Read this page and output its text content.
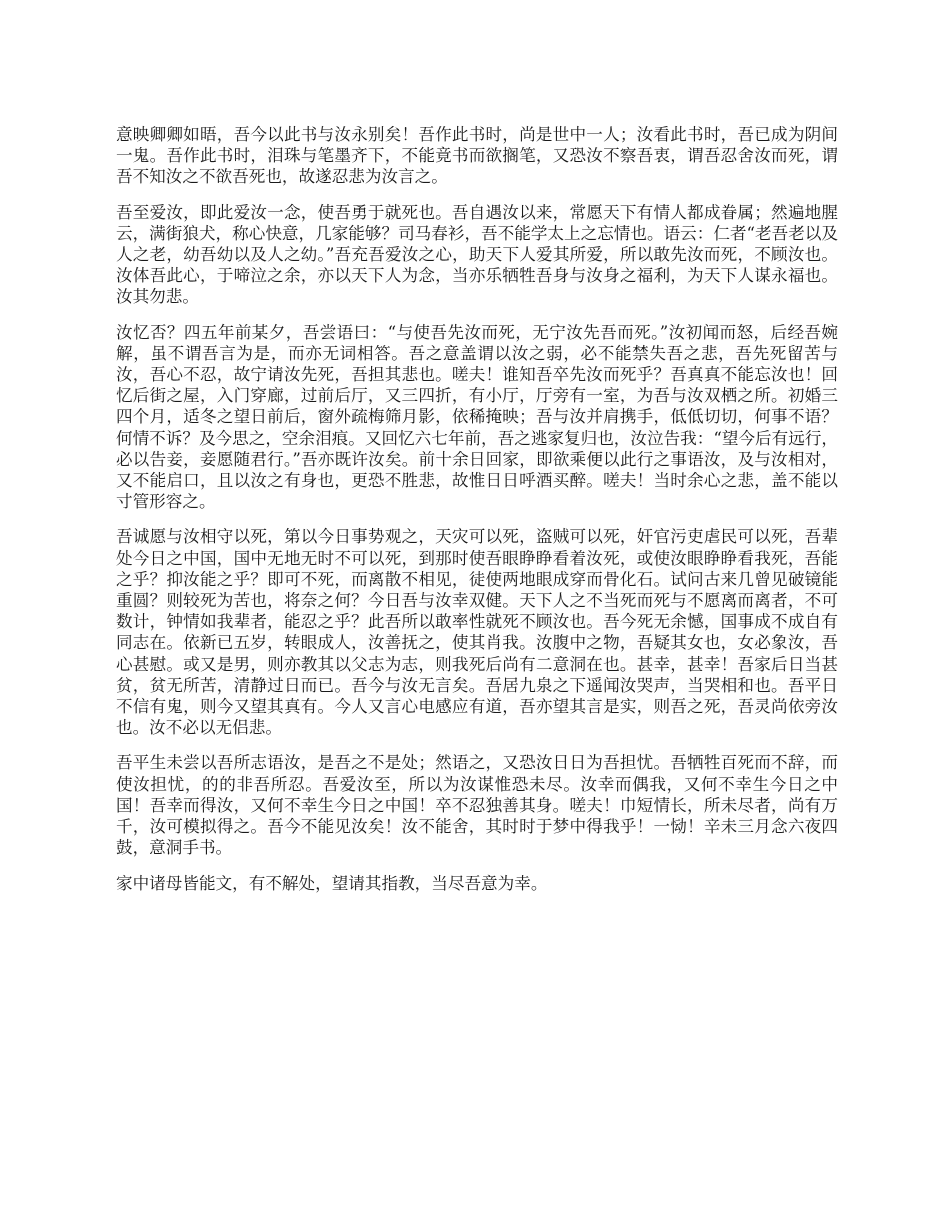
意映卿卿如晤，吾今以此书与汝永别矣！吾作此书时，尚是世中一人；汝看此书时，吾已成为阴间一鬼。吾作此书时，泪珠与笔墨齐下，不能竟书而欲搁笔，又恐汝不察吾衷，谓吾忍舍汝而死，谓吾不知汝之不欲吾死也，故遂忍悲为汝言之。

吾至爱汝，即此爱汝一念，使吾勇于就死也。吾自遇汝以来，常愿天下有情人都成眷属；然遍地腥云，满街狼犬，称心快意，几家能够？司马春衫，吾不能学太上之忘情也。语云：仁者“老吾老以及人之老，幼吾幼以及人之幼。”吾充吾爱汝之心，助天下人爱其所爱，所以敢先汝而死，不顾汝也。汝体吾此心，于啼泣之余，亦以天下人为念，当亦乐牺牲吾身与汝身之福利，为天下人谋永福也。汝其勿悲。

汝忆否？四五年前某夕，吾尝语曰：“与使吾先汝而死，无宁汝先吾而死。”汝初闻而怒，后经吾婉解，虽不谓吾言为是，而亦无词相答。吾之意盖谓以汝之弱，必不能禁失吾之悲，吾先死留苦与汝，吾心不忍，故宁请汝先死，吾担其悲也。嗟夫！谁知吾卒先汝而死乎？吾真真不能忘汝也！回忆后街之屋，入门穿廊，过前后厅，又三四折，有小厅，厅旁有一室，为吾与汝双栖之所。初婚三四个月，适冬之望日前后，窗外疏梅筛月影，依稀掩映；吾与汝并肩携手，低低切切，何事不语？何情不诉？及今思之，空余泪痕。又回忆六七年前，吾之逃家复归也，汝泣告我：“望今后有远行，必以告妾，妾愿随君行。”吾亦既许汝矣。前十余日回家，即欲乘便以此行之事语汝，及与汝相对，又不能启口，且以汝之有身也，更恐不胜悲，故惟日日呼酒买醉。嗟夫！当时余心之悲，盖不能以寸管形容之。

吾诚愿与汝相守以死，第以今日事势观之，天灾可以死，盗贼可以死，奸官污吏虐民可以死，吾辈处今日之中国，国中无地无时不可以死，到那时使吾眼睁睁看着汝死，或使汝眼睁睁看我死，吾能之乎？抑汝能之乎？即可不死，而离散不相见，徒使两地眼成穿而骨化石。试问古来几曾见破镜能重圆？则较死为苦也，将奈之何？今日吾与汝幸双健。天下人之不当死而死与不愿离而离者，不可数计，钟情如我辈者，能忍之乎？此吾所以敢率性就死不顾汝也。吾今死无余憾，国事成不成自有同志在。依新已五岁，转眼成人，汝善抚之，使其肖我。汝腹中之物，吾疑其女也，女必象汝，吾心甚慰。或又是男，则亦教其以父志为志，则我死后尚有二意洞在也。甚幸，甚幸！吾家后日当甚贫，贫无所苦，清静过日而已。吾今与汝无言矣。吾居九泉之下遥闻汝哭声，当哭相和也。吾平日不信有鬼，则今又望其真有。今人又言心电感应有道，吾亦望其言是实，则吾之死，吾灵尚依旁汝也。汝不必以无侣悲。

吾平生未尝以吾所志语汝，是吾之不是处；然语之，又恐汝日日为吾担忧。吾牺牲百死而不辞，而使汝担忧，的的非吾所忍。吾爱汝至，所以为汝谋惟恐未尽。汝幸而偶我，又何不幸生今日之中国！吾幸而得汝，又何不幸生今日之中国！卒不忍独善其身。嗟夫！巾短情长，所未尽者，尚有万千，汝可模拟得之。吾今不能见汝矣！汝不能舍，其时时于梦中得我乎！一恸！辛未三月念六夜四鼓，意洞手书。

家中诸母皆能文，有不解处，望请其指教，当尽吾意为幸。
